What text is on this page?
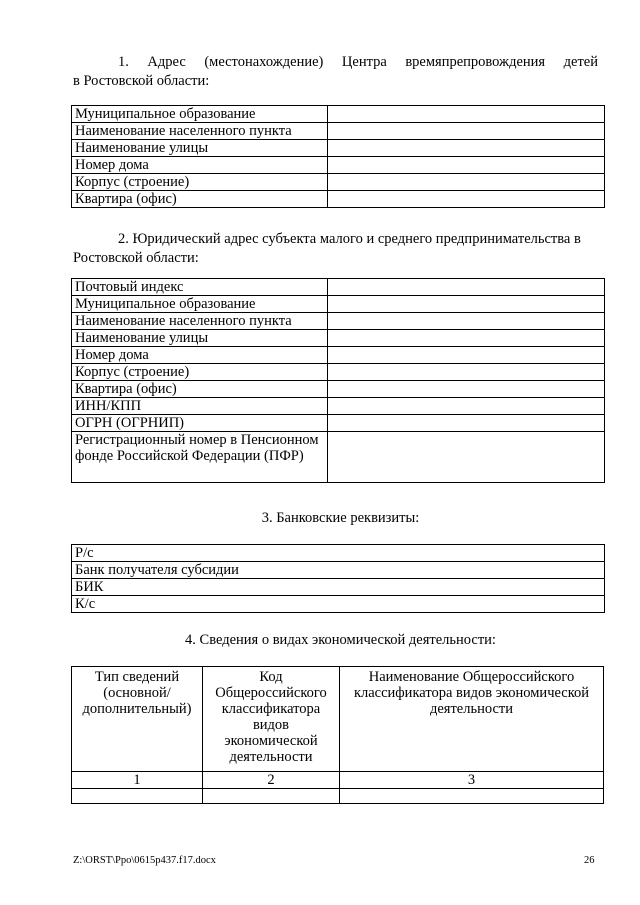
1. Адрес (местонахождение) Центра времяпрепровождения детей
в Ростовской области:
Муниципальное образование	
Наименование населенного пункта	
Наименование улицы	
Номер дома	
Корпус (строение)	
Квартира (офис)	
2. Юридический адрес субъекта малого и среднего предпринимательства в Ростовской области:
Почтовый индекс	
Муниципальное образование	
Наименование населенного пункта	
Наименование улицы	
Номер дома	
Корпус (строение)	
Квартира (офис)	
ИНН/КПП	
ОГРН (ОГРНИП)	
Регистрационный номер в Пенсионном фонде Российской Федерации (ПФР)	
3. Банковские реквизиты:
Р/с
Банк получателя субсидии
БИК
К/с
4. Сведения о видах экономической деятельности:
Тип сведений (основной/ дополнительный)	Код Общероссийского классификатора видов экономической деятельности	Наименование Общероссийского классификатора видов экономической деятельности
1	2	3

Z:\ORST\Ppo\0615p437.f17.docx	26
